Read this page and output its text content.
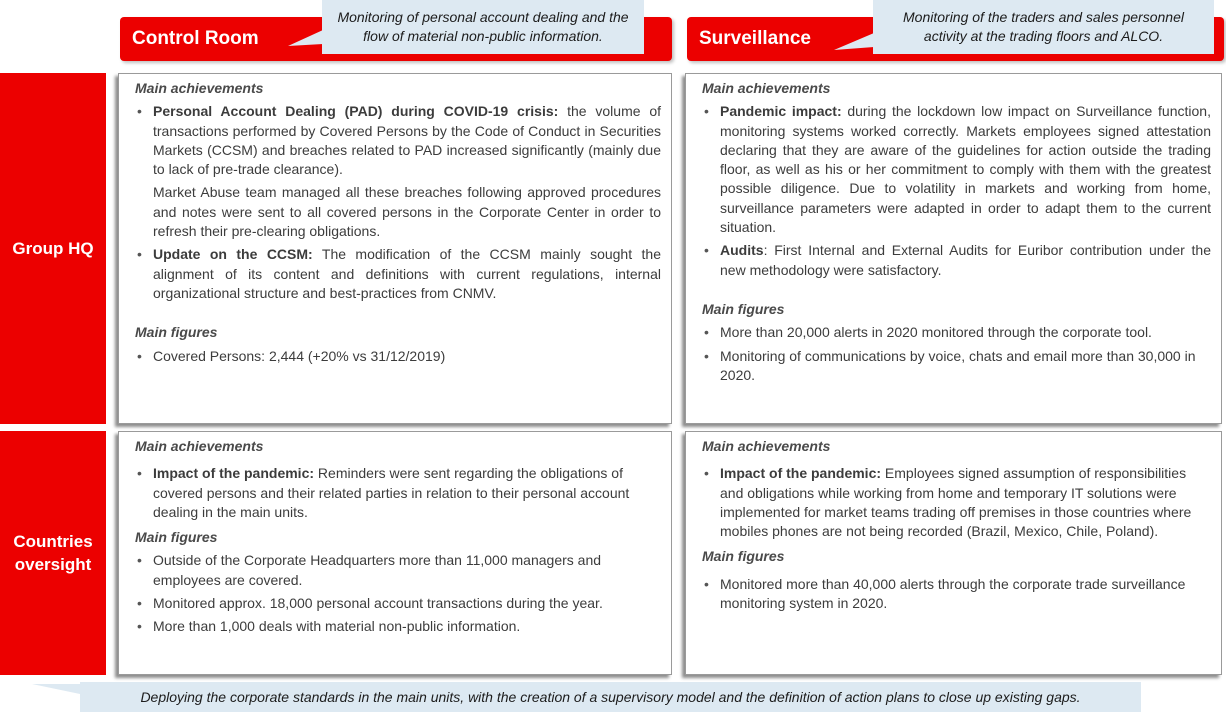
Control Room	Surveillance
Monitoring of personal account dealing and the flow of material non-public information.
Monitoring of the traders and sales personnel activity at the trading floors and ALCO.
Group HQ
Countries
oversight
Main achievements
• Personal Account Dealing (PAD) during COVID-19 crisis: the volume of transactions performed by Covered Persons by the Code of Conduct in Securities Markets (CCSM) and breaches related to PAD increased significantly (mainly due to lack of pre-trade clearance).
Market Abuse team managed all these breaches following approved procedures and notes were sent to all covered persons in the Corporate Center in order to refresh their pre-clearing obligations.
• Update on the CCSM: The modification of the CCSM mainly sought the alignment of its content and definitions with current regulations, internal organizational structure and best-practices from CNMV.
Main figures
• Covered Persons: 2,444 (+20% vs 31/12/2019)
Main achievements
• Pandemic impact: during the lockdown low impact on Surveillance function, monitoring systems worked correctly. Markets employees signed attestation declaring that they are aware of the guidelines for action outside the trading floor, as well as his or her commitment to comply with them with the greatest possible diligence. Due to volatility in markets and working from home, surveillance parameters were adapted in order to adapt them to the current situation.
• Audits: First Internal and External Audits for Euribor contribution under the new methodology were satisfactory.
Main figures
• More than 20,000 alerts in 2020 monitored through the corporate tool.
• Monitoring of communications by voice, chats and email more than 30,000 in 2020.
Main achievements
• Impact of the pandemic: Reminders were sent regarding the obligations of covered persons and their related parties in relation to their personal account dealing in the main units.
Main figures
• Outside of the Corporate Headquarters more than 11,000 managers and employees are covered.
• Monitored approx. 18,000 personal account transactions during the year.
• More than 1,000 deals with material non-public information.
Main achievements
• Impact of the pandemic: Employees signed assumption of responsibilities and obligations while working from home and temporary IT solutions were implemented for market teams trading off premises in those countries where mobiles phones are not being recorded (Brazil, Mexico, Chile, Poland).
Main figures
• Monitored more than 40,000 alerts through the corporate trade surveillance monitoring system in 2020.
Deploying the corporate standards in the main units, with the creation of a supervisory model and the definition of action plans to close up existing gaps.
